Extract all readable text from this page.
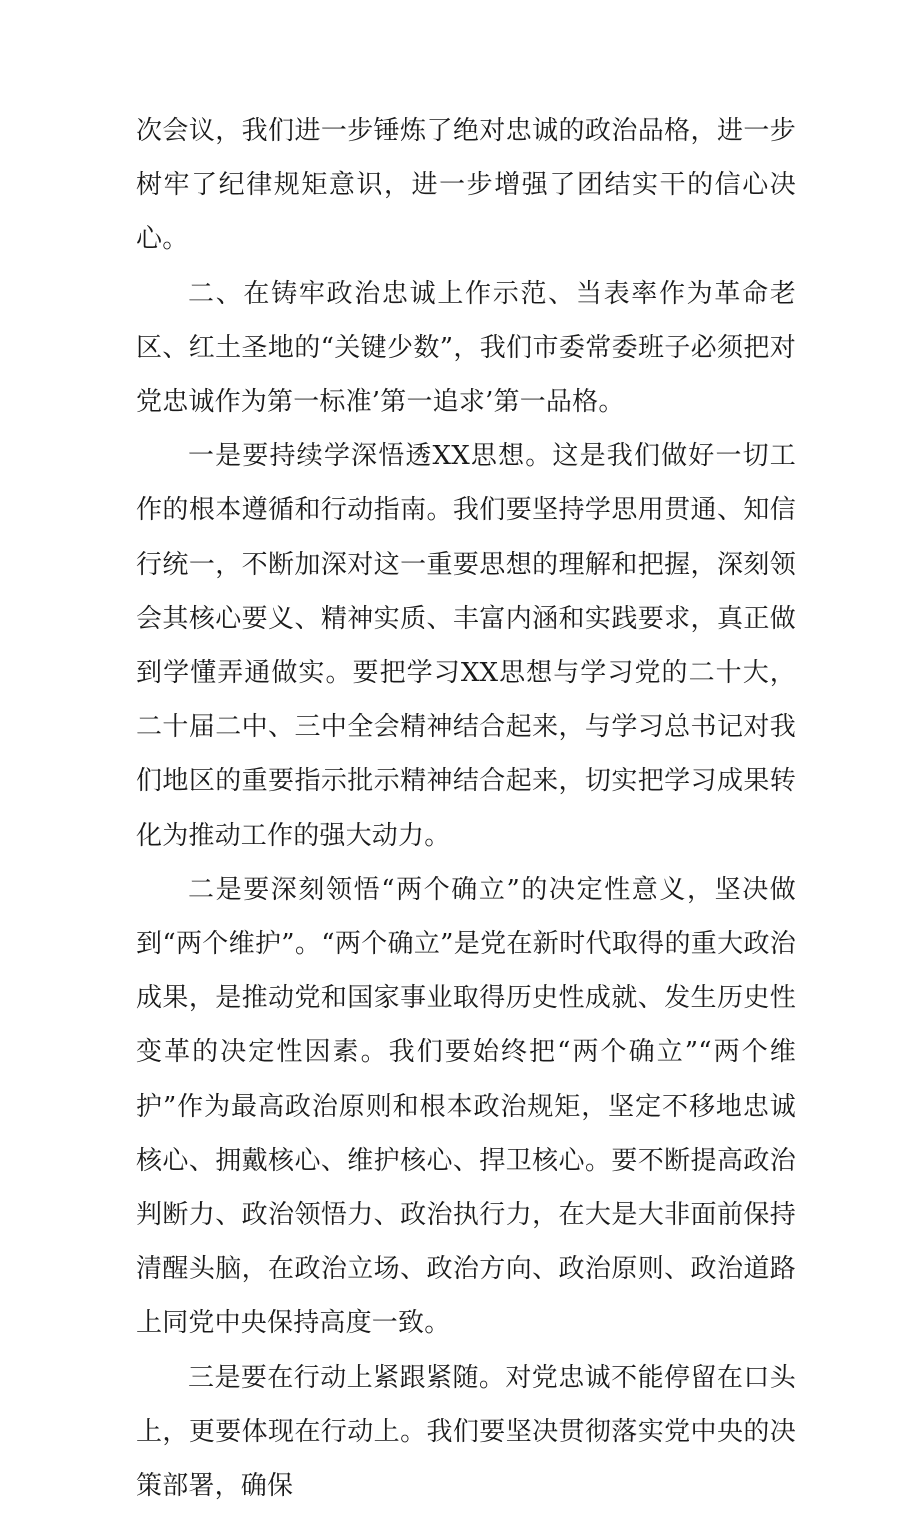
次会议，我们进一步锤炼了绝对忠诚的政治品格，进一步树牢了纪律规矩意识，进一步增强了团结实干的信心决心。

二、在铸牢政治忠诚上作示范、当表率作为革命老区、红土圣地的“关键少数”，我们市委常委班子必须把对党忠诚作为第一标准’第一追求’第一品格。

一是要持续学深悟透XX思想。这是我们做好一切工作的根本遵循和行动指南。我们要坚持学思用贯通、知信行统一，不断加深对这一重要思想的理解和把握，深刻领会其核心要义、精神实质、丰富内涵和实践要求，真正做到学懂弄通做实。要把学习XX思想与学习党的二十大，二十届二中、三中全会精神结合起来，与学习总书记对我们地区的重要指示批示精神结合起来，切实把学习成果转化为推动工作的强大动力。

二是要深刻领悟“两个确立”的决定性意义，坚决做到“两个维护”。“两个确立”是党在新时代取得的重大政治成果，是推动党和国家事业取得历史性成就、发生历史性变革的决定性因素。我们要始终把“两个确立”“两个维护”作为最高政治原则和根本政治规矩，坚定不移地忠诚核心、拥戴核心、维护核心、捍卫核心。要不断提高政治判断力、政治领悟力、政治执行力，在大是大非面前保持清醒头脑，在政治立场、政治方向、政治原则、政治道路上同党中央保持高度一致。

三是要在行动上紧跟紧随。对党忠诚不能停留在口头上，更要体现在行动上。我们要坚决贯彻落实党中央的决策部署，确保
